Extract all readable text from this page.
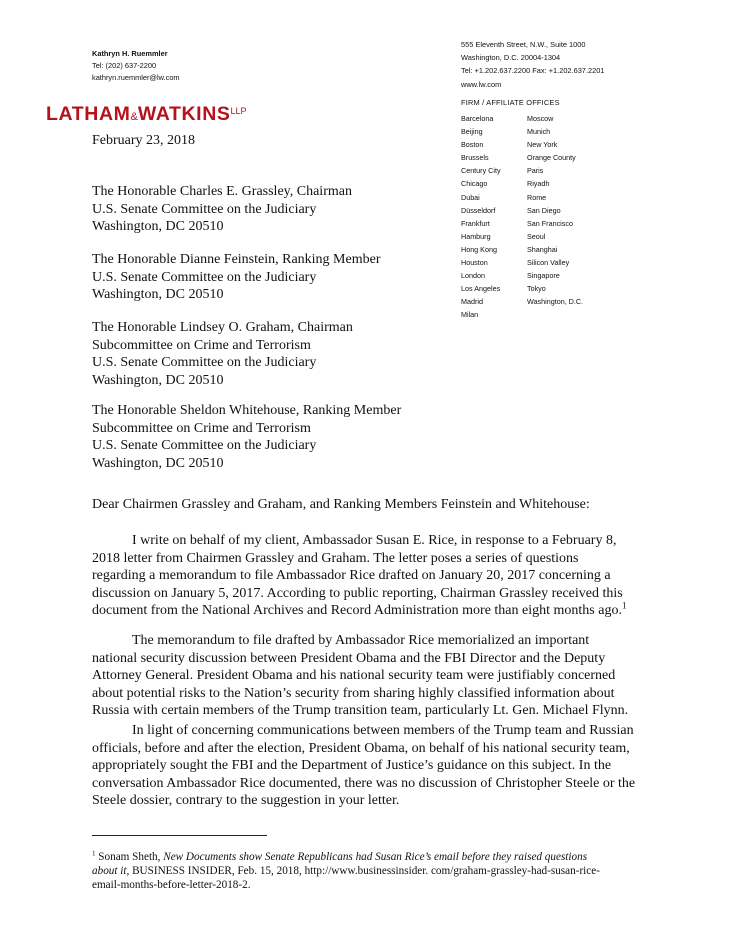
Kathryn H. Ruemmler
Tel: (202) 637-2200
kathryn.ruemmler@lw.com
$LATHAM\&WATKINS^{LLP}$
555 Eleventh Street, N.W., Suite 1000
Washington, D.C. 20004-1304
Tel: +1.202.637.2200 Fax: +1.202.637.2201
www.lw.com
FIRM / AFFILIATE OFFICES
Barcelona
Beijing
Boston
Brussels
Century City
Chicago
Dubai
Düsseldorf
Frankfurt
Hamburg
Hong Kong
Houston
London
Los Angeles
Madrid
Milan
Moscow
Munich
New York
Orange County
Paris
Riyadh
Rome
San Diego
San Francisco
Seoul
Shanghai
Silicon Valley
Singapore
Tokyo
Washington, D.C.
February 23, 2018
The Honorable Charles E. Grassley, Chairman
U.S. Senate Committee on the Judiciary
Washington, DC 20510
The Honorable Dianne Feinstein, Ranking Member
U.S. Senate Committee on the Judiciary
Washington, DC 20510
The Honorable Lindsey O. Graham, Chairman
Subcommittee on Crime and Terrorism
U.S. Senate Committee on the Judiciary
Washington, DC 20510
The Honorable Sheldon Whitehouse, Ranking Member
Subcommittee on Crime and Terrorism
U.S. Senate Committee on the Judiciary
Washington, DC 20510
Dear Chairmen Grassley and Graham, and Ranking Members Feinstein and Whitehouse:
I write on behalf of my client, Ambassador Susan E. Rice, in response to a February 8,
2018 letter from Chairmen Grassley and Graham. The letter poses a series of questions
regarding a memorandum to file Ambassador Rice drafted on January 20, 2017 concerning a
discussion on January 5, 2017. According to public reporting, Chairman Grassley received this
document from the National Archives and Record Administration more than eight months ago.$^1$
The memorandum to file drafted by Ambassador Rice memorialized an important
national security discussion between President Obama and the FBI Director and the Deputy
Attorney General. President Obama and his national security team were justifiably concerned
about potential risks to the Nation’s security from sharing highly classified information about
Russia with certain members of the Trump transition team, particularly Lt. Gen. Michael Flynn.
In light of concerning communications between members of the Trump team and Russian
officials, before and after the election, President Obama, on behalf of his national security team,
appropriately sought the FBI and the Department of Justice’s guidance on this subject. In the
conversation Ambassador Rice documented, there was no discussion of Christopher Steele or the
Steele dossier, contrary to the suggestion in your letter.
$^1$ Sonam Sheth, New Documents show Senate Republicans had Susan Rice’s email before they raised questions
about it, BUSINESS INSIDER, Feb. 15, 2018, http://www.businessinsider. com/graham-grassley-had-susan-rice-
email-months-before-letter-2018-2.
